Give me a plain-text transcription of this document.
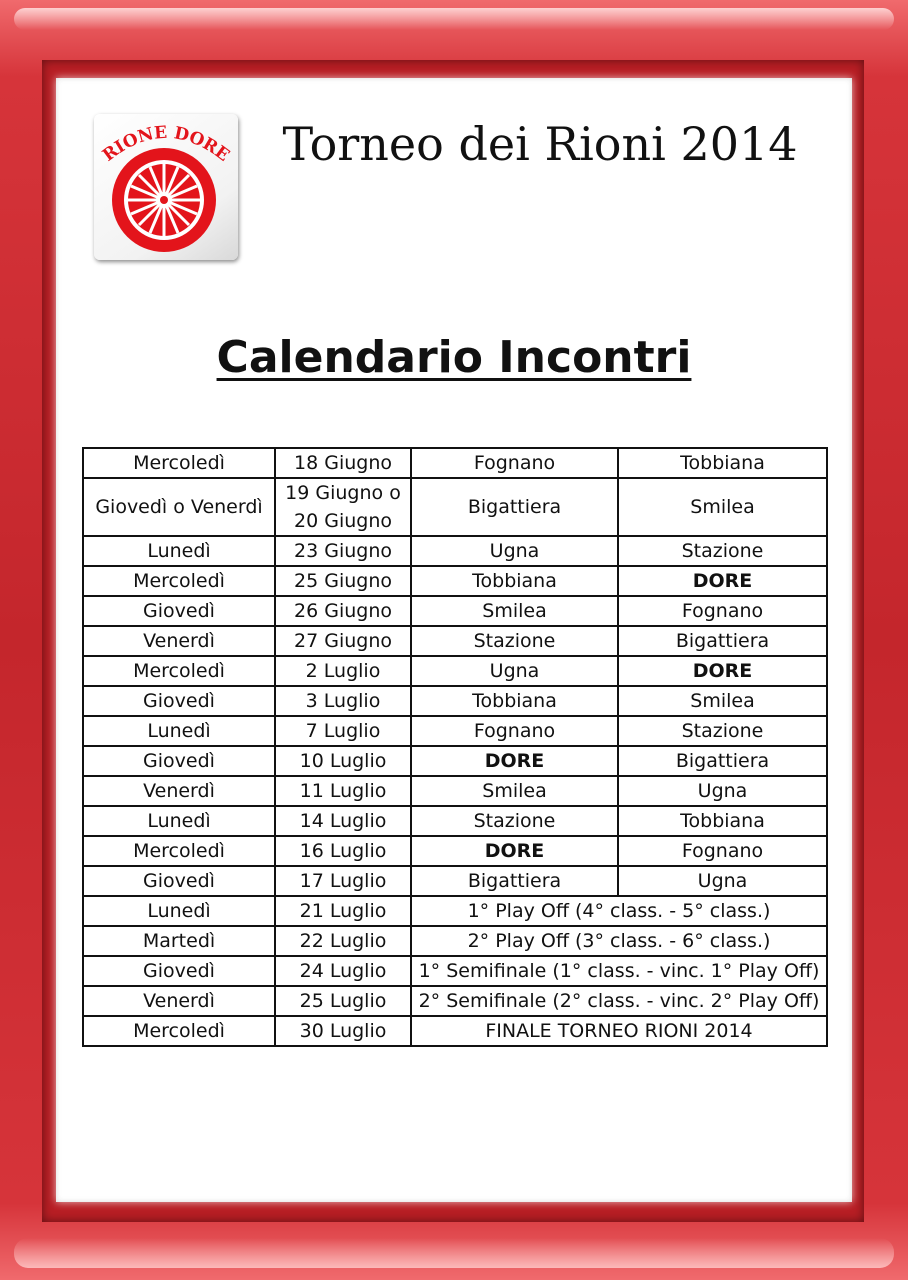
RIONE DORE	Torneo dei Rioni 2014
Calendario Incontri
Mercoledì	18 Giugno	Fognano	Tobbiana
Giovedì o Venerdì	19 Giugno o 20 Giugno	Bigattiera	Smilea
Lunedì	23 Giugno	Ugna	Stazione
Mercoledì	25 Giugno	Tobbiana	DORE
Giovedì	26 Giugno	Smilea	Fognano
Venerdì	27 Giugno	Stazione	Bigattiera
Mercoledì	2 Luglio	Ugna	DORE
Giovedì	3 Luglio	Tobbiana	Smilea
Lunedì	7 Luglio	Fognano	Stazione
Giovedì	10 Luglio	DORE	Bigattiera
Venerdì	11 Luglio	Smilea	Ugna
Lunedì	14 Luglio	Stazione	Tobbiana
Mercoledì	16 Luglio	DORE	Fognano
Giovedì	17 Luglio	Bigattiera	Ugna
Lunedì	21 Luglio	1° Play Off (4° class. - 5° class.)	
Martedì	22 Luglio	2° Play Off (3° class. - 6° class.)	
Giovedì	24 Luglio	1° Semifinale (1° class. - vinc. 1° Play Off)	
Venerdì	25 Luglio	2° Semifinale (2° class. - vinc. 2° Play Off)	
Mercoledì	30 Luglio	FINALE TORNEO RIONI 2014	
